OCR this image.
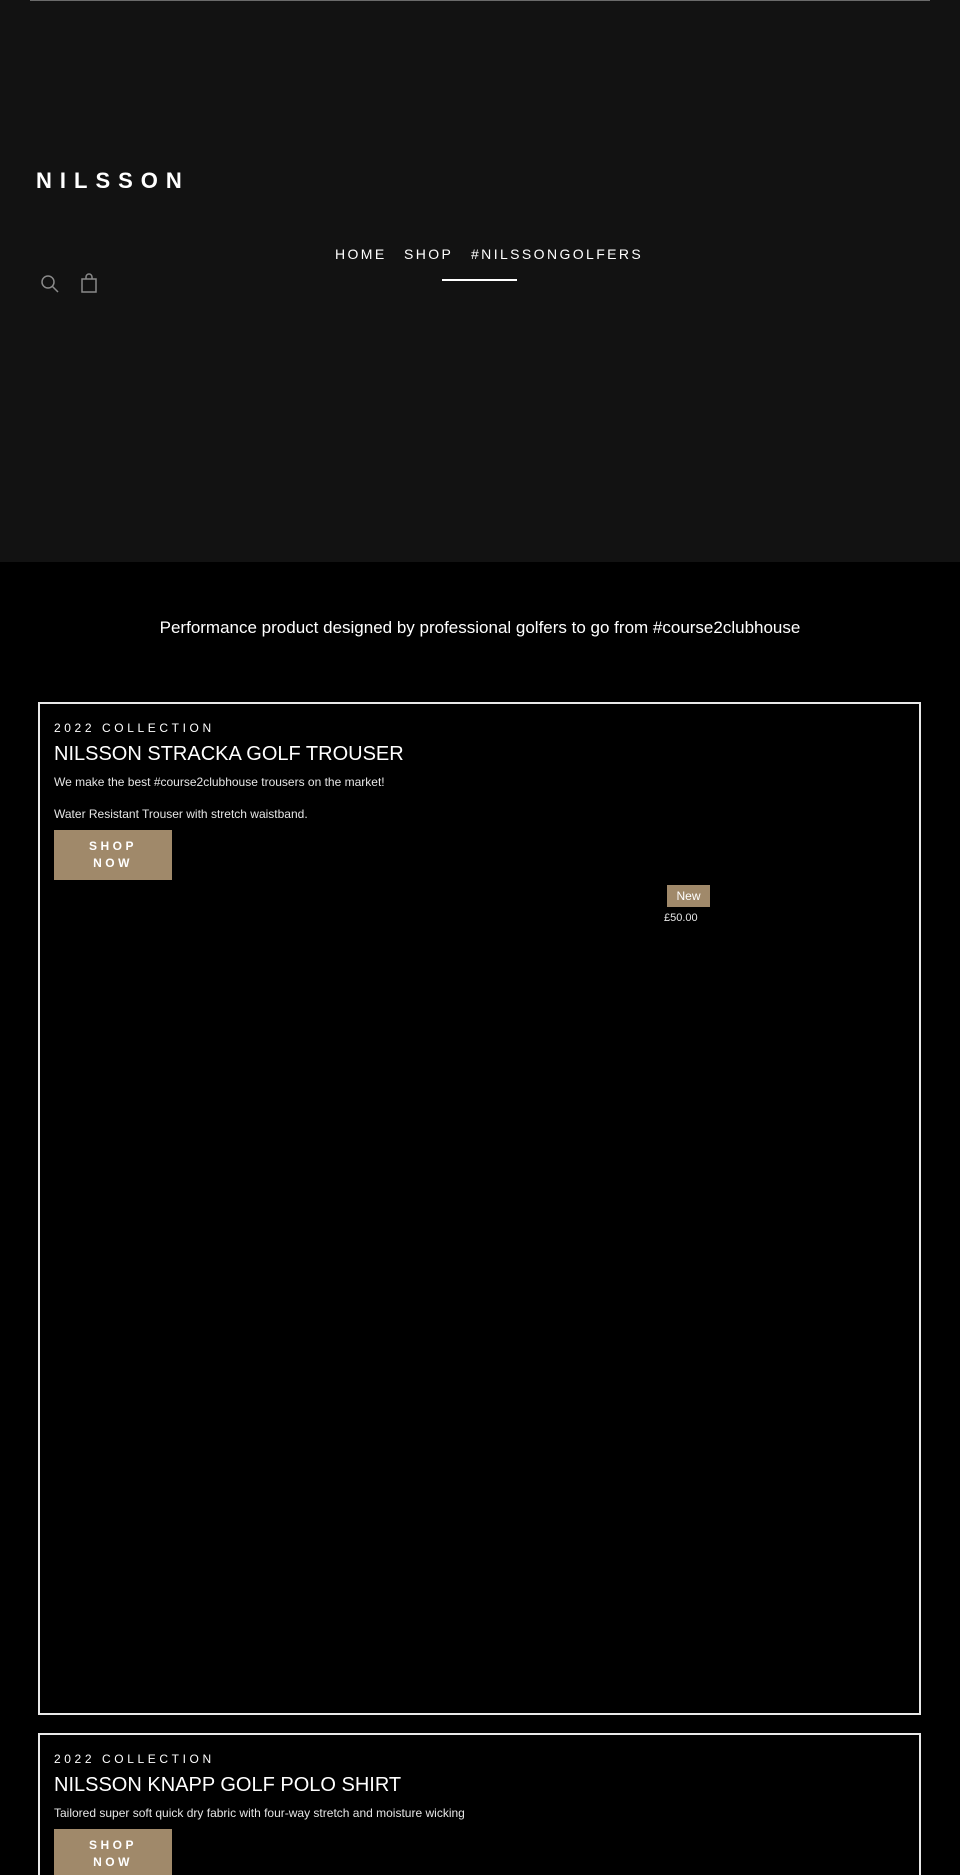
NILSSON
HOME SHOP #NILSSONGOLFERS

Performance product designed by professional golfers to go from #course2clubhouse

2022 COLLECTION
NILSSON STRACKA GOLF TROUSER

We make the best #course2clubhouse trousers on the market!

Water Resistant Trouser with stretch waistband.

SHOP NOW
New
£50.00
2022 COLLECTION
NILSSON KNAPP GOLF POLO SHIRT

Tailored super soft quick dry fabric with four-way stretch and moisture wicking

SHOP NOW
